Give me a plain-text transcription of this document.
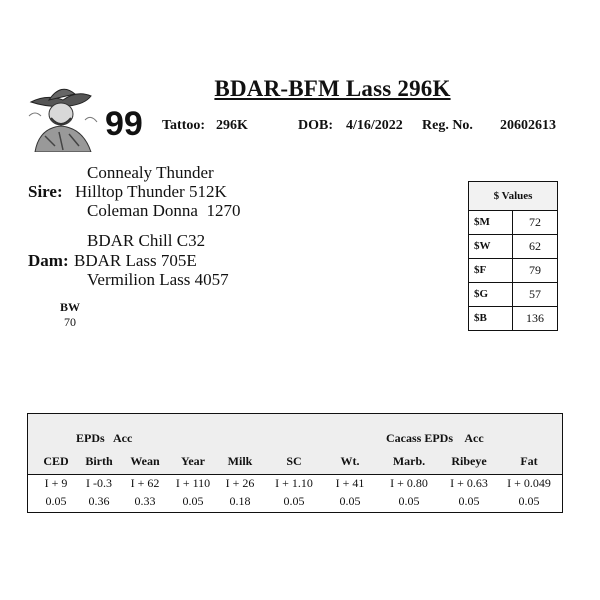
99
BDAR-BFM Lass 296K
Tattoo: 296K	DOB: 4/16/2022 Reg. No. 20602613
Connealy Thunder
Sire: Hilltop Thunder 512K
Coleman Donna  1270
BDAR Chill C32
Dam: BDAR Lass 705E
Vermilion Lass 4057
BW
70
$ Values
$M	72
$W	62
$F	79
$G	57
$B	136
EPDs   Acc	Cacass EPDs    Acc
CED	Birth	Wean	Year	Milk	SC	Wt.	Marb.	Ribeye	Fat
I + 9	I -0.3	I + 62	I + 110	I + 26	I + 1.10	I + 41	I + 0.80	I + 0.63	I + 0.049
0.05	0.36	0.33	0.05	0.18	0.05	0.05	0.05	0.05	0.05
